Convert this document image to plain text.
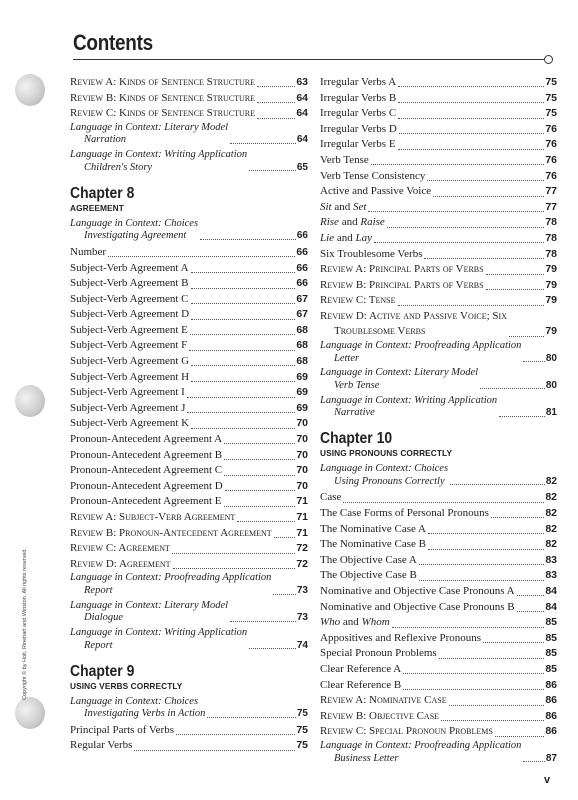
Copyright © by Holt, Rinehart and Winston. All rights reserved.
Contents
Review A: Kinds of Sentence Structure	63
Review B: Kinds of Sentence Structure	64
Review C: Kinds of Sentence Structure	64
Language in Context: Literary Model
Narration	64
Language in Context: Writing Application
Children's Story	65
Chapter 8
AGREEMENT
Language in Context: Choices
Investigating Agreement	66
Number	66
Subject-Verb Agreement A	66
Subject-Verb Agreement B	66
Subject-Verb Agreement C	67
Subject-Verb Agreement D	67
Subject-Verb Agreement E	68
Subject-Verb Agreement F	68
Subject-Verb Agreement G	68
Subject-Verb Agreement H	69
Subject-Verb Agreement I	69
Subject-Verb Agreement J	69
Subject-Verb Agreement K	70
Pronoun-Antecedent Agreement A	70
Pronoun-Antecedent Agreement B	70
Pronoun-Antecedent Agreement C	70
Pronoun-Antecedent Agreement D	70
Pronoun-Antecedent Agreement E	71
Review A: Subject-Verb Agreement	71
Review B: Pronoun-Antecedent Agreement 71
Review C: Agreement	72
Review D: Agreement	72
Language in Context: Proofreading Application
Report	73
Language in Context: Literary Model
Dialogue	73
Language in Context: Writing Application
Report	74
Chapter 9
USING VERBS CORRECTLY
Language in Context: Choices
Investigating Verbs in Action	75
Principal Parts of Verbs	75
Regular Verbs	75
Irregular Verbs A	75
Irregular Verbs B	75
Irregular Verbs C	75
Irregular Verbs D	76
Irregular Verbs E	76
Verb Tense	76
Verb Tense Consistency	76
Active and Passive Voice	77
Sit and Set	77
Rise and Raise	78
Lie and Lay	78
Six Troublesome Verbs	78
Review A: Principal Parts of Verbs	79
Review B: Principal Parts of Verbs	79
Review C: Tense	79
Review D: Active and Passive Voice; Six
Troublesome Verbs	79
Language in Context: Proofreading Application
Letter	80
Language in Context: Literary Model
Verb Tense	80
Language in Context: Writing Application
Narrative	81
Chapter 10
USING PRONOUNS CORRECTLY
Language in Context: Choices
Using Pronouns Correctly	82
Case	82
The Case Forms of Personal Pronouns	82
The Nominative Case A	82
The Nominative Case B	82
The Objective Case A	83
The Objective Case B	83
Nominative and Objective Case Pronouns A	84
Nominative and Objective Case Pronouns B	84
Who and Whom	85
Appositives and Reflexive Pronouns	85
Special Pronoun Problems	85
Clear Reference A	85
Clear Reference B	86
Review A: Nominative Case	86
Review B: Objective Case	86
Review C: Special Pronoun Problems	86
Language in Context: Proofreading Application
Business Letter	87
v
